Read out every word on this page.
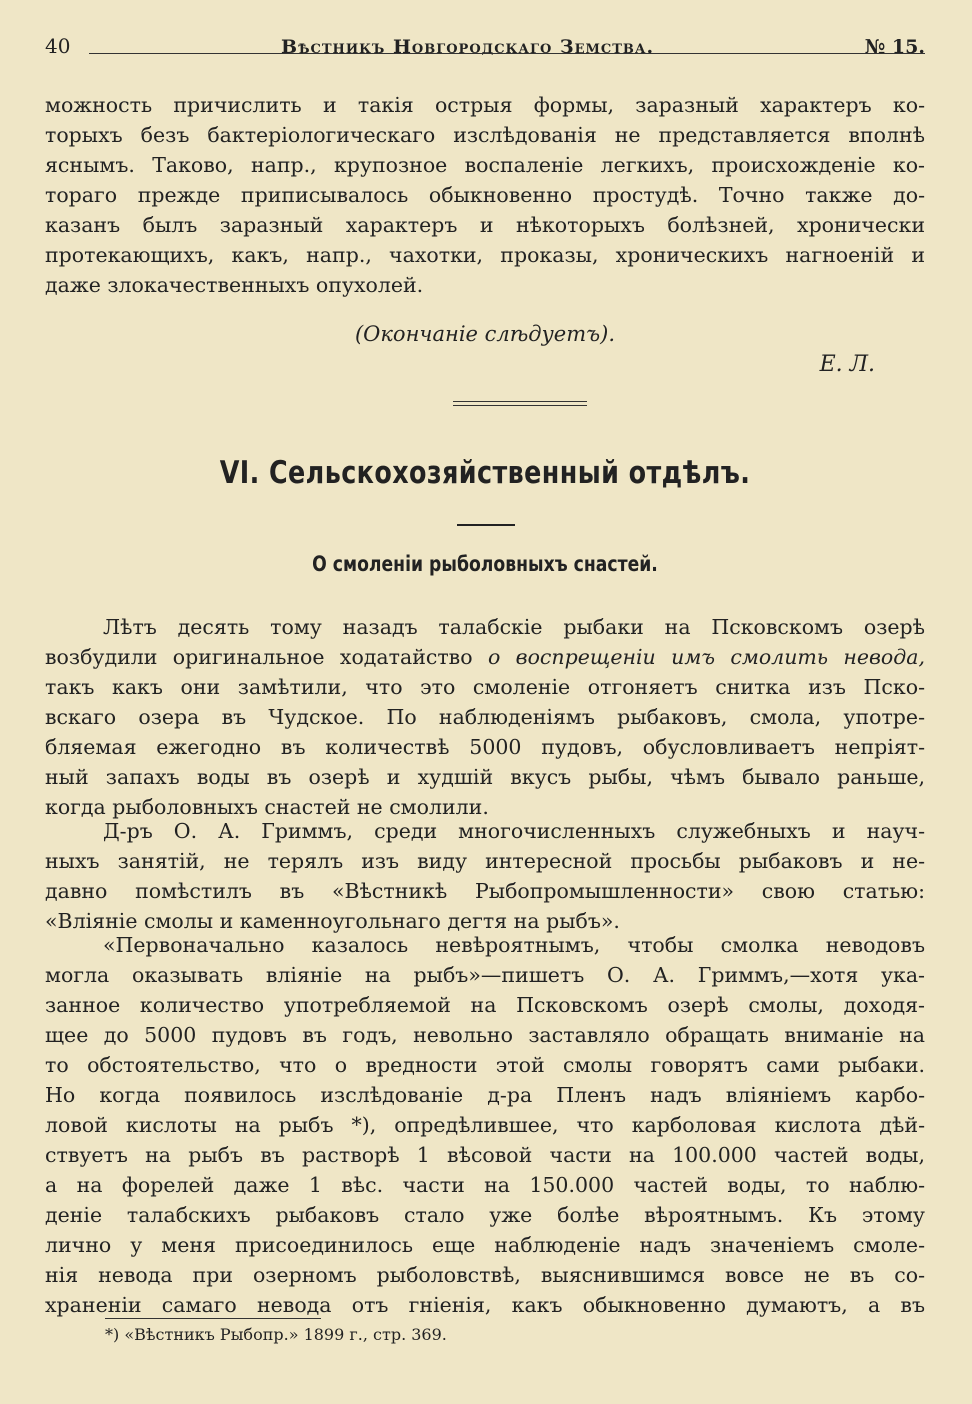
40	Вѣстникъ Новгородскаго Земства.	№ 15.
можность причислить и такія острыя формы, заразный характеръ ко-
торыхъ безъ бактеріологическаго изслѣдованія не представляется вполнѣ
яснымъ. Таково, напр., крупозное воспаленіе легкихъ, происхожденіе ко-
тораго прежде приписывалось обыкновенно простудѣ. Точно также до-
казанъ былъ заразный характеръ и нѣкоторыхъ болѣзней, хронически
протекающихъ, какъ, напр., чахотки, проказы, хроническихъ нагноеній и
даже злокачественныхъ опухолей.
(Окончаніе слѣдуетъ).
Е. Л.
VI. Сельскохозяйственный отдѣлъ.
О смоленіи рыболовныхъ снастей.
Лѣтъ десять тому назадъ талабскіе рыбаки на Псковскомъ озерѣ
возбудили оригинальное ходатайство о воспрещеніи имъ смолить невода,
такъ какъ они замѣтили, что это смоленіе отгоняетъ снитка изъ Пско-
вскаго озера въ Чудское. По наблюденіямъ рыбаковъ, смола, употре-
бляемая ежегодно въ количествѣ 5000 пудовъ, обусловливаетъ непріят-
ный запахъ воды въ озерѣ и худшій вкусъ рыбы, чѣмъ бывало раньше,
когда рыболовныхъ снастей не смолили.
Д-ръ О. А. Гриммъ, среди многочисленныхъ служебныхъ и науч-
ныхъ занятій, не терялъ изъ виду интересной просьбы рыбаковъ и не-
давно помѣстилъ въ «Вѣстникѣ Рыбопромышленности» свою статью:
«Вліяніе смолы и каменноугольнаго дегтя на рыбъ».
«Первоначально казалось невѣроятнымъ, чтобы смолка неводовъ
могла оказывать вліяніе на рыбъ»—пишетъ О. А. Гриммъ,—хотя ука-
занное количество употребляемой на Псковскомъ озерѣ смолы, доходя-
щее до 5000 пудовъ въ годъ, невольно заставляло обращать вниманіе на
то обстоятельство, что о вредности этой смолы говорятъ сами рыбаки.
Но когда появилось изслѣдованіе д-ра Пленъ надъ вліяніемъ карбо-
ловой кислоты на рыбъ *), опредѣлившее, что карболовая кислота дѣй-
ствуетъ на рыбъ въ растворѣ 1 вѣсовой части на 100.000 частей воды,
а на форелей даже 1 вѣс. части на 150.000 частей воды, то наблю-
деніе талабскихъ рыбаковъ стало уже болѣе вѣроятнымъ. Къ этому
лично у меня присоединилось еще наблюденіе надъ значеніемъ смоле-
нія невода при озерномъ рыболовствѣ, выяснившимся вовсе не въ со-
храненіи самаго невода отъ гніенія, какъ обыкновенно думаютъ, а въ
*) «Вѣстникъ Рыбопр.» 1899 г., стр. 369.
